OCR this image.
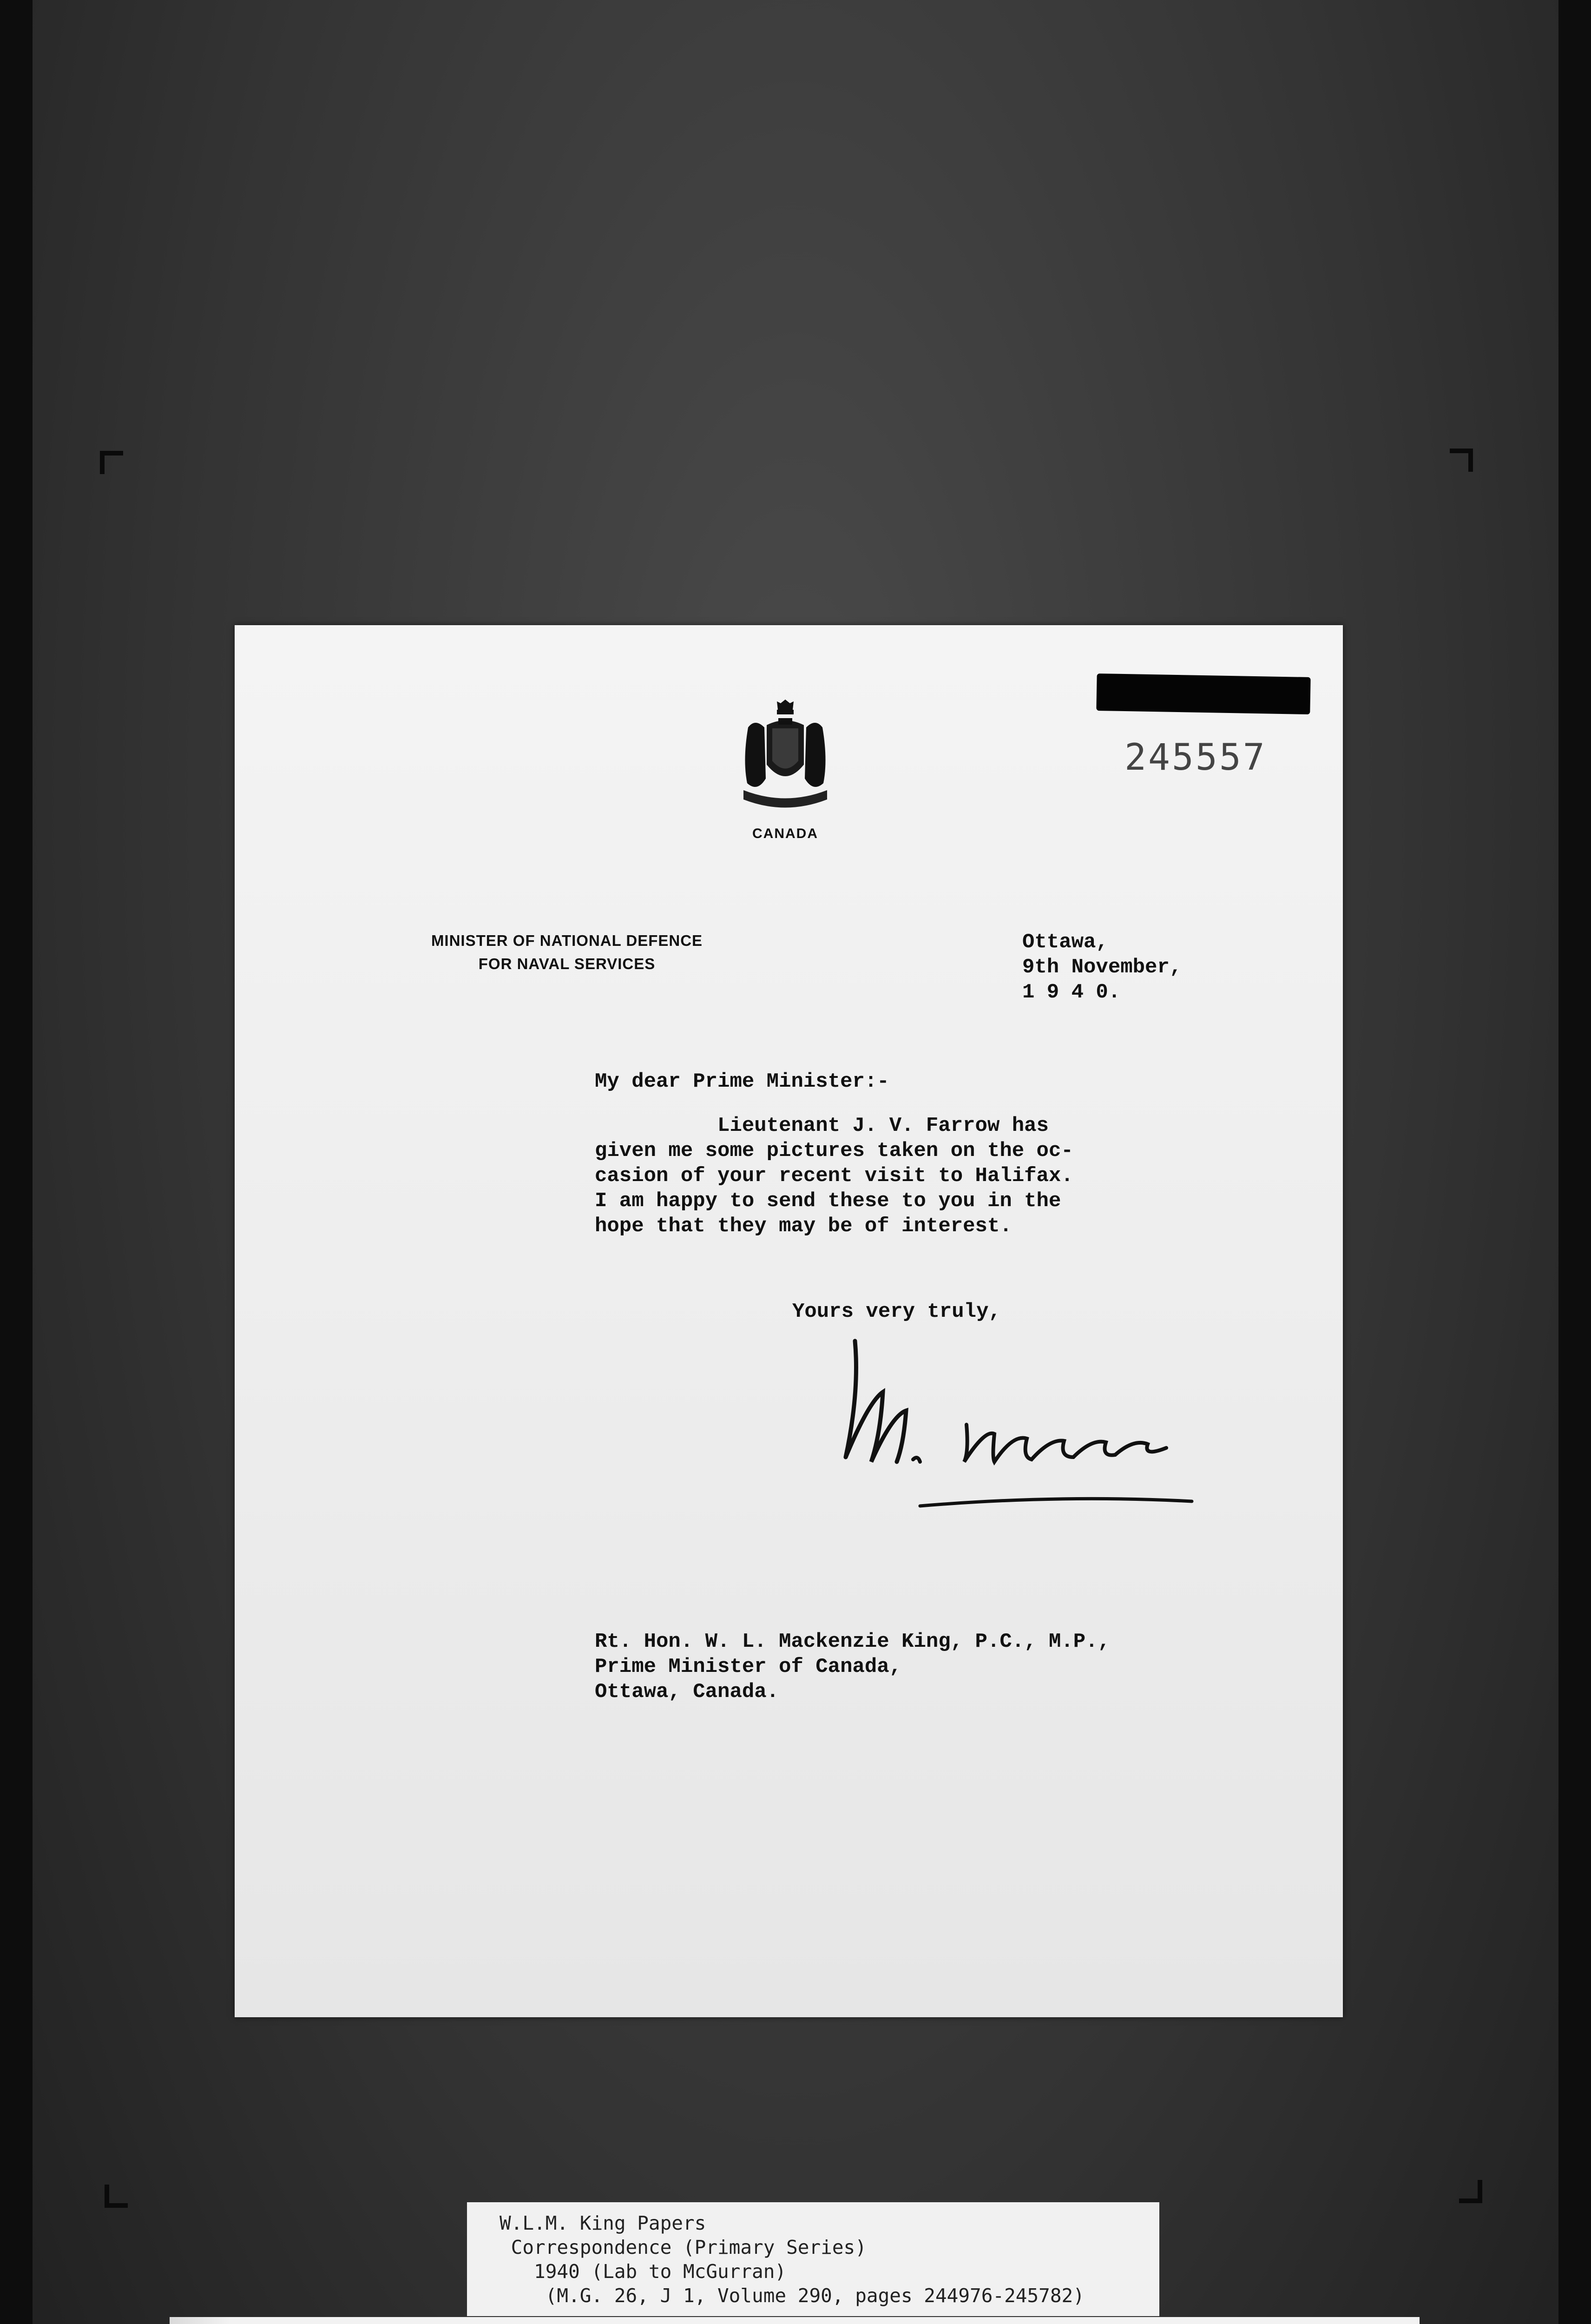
245557
CANADA
MINISTER OF NATIONAL DEFENCE
FOR NAVAL SERVICES
Ottawa,
9th November,
1 9 4 0.
My dear Prime Minister:-
Lieutenant J. V. Farrow has
given me some pictures taken on the oc-
casion of your recent visit to Halifax.
I am happy to send these to you in the
hope that they may be of interest.
Yours very truly,
Rt. Hon. W. L. Mackenzie King, P.C., M.P.,
Prime Minister of Canada,
Ottawa, Canada.
W.L.M. King Papers
Correspondence (Primary Series)
1940 (Lab to McGurran)
(M.G. 26, J 1, Volume 290, pages 244976-245782)
